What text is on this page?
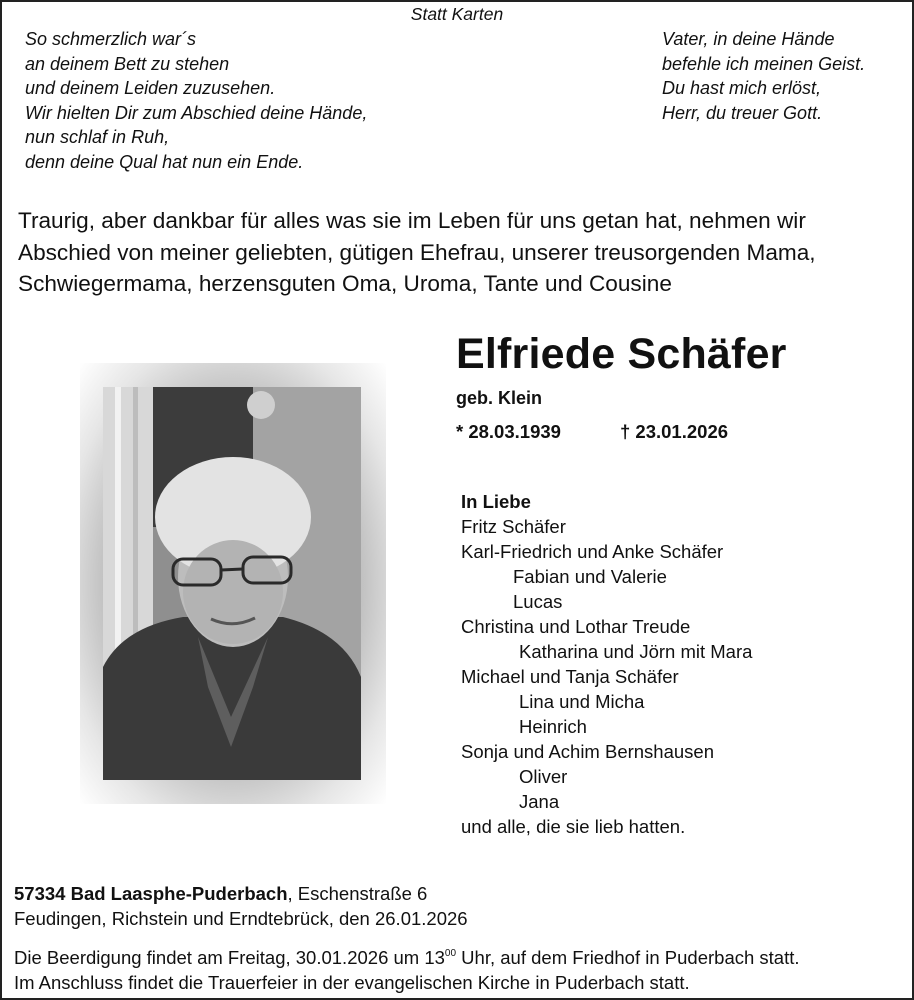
Statt Karten
So schmerzlich war´s
an deinem Bett zu stehen
und deinem Leiden zuzusehen.
Wir hielten Dir zum Abschied deine Hände,
nun schlaf in Ruh,
denn deine Qual hat nun ein Ende.
Vater, in deine Hände
befehle ich meinen Geist.
Du hast mich erlöst,
Herr, du treuer Gott.
Traurig, aber dankbar für alles was sie im Leben für uns getan hat, nehmen wir
Abschied von meiner geliebten, gütigen Ehefrau, unserer treusorgenden Mama,
Schwiegermama, herzensguten Oma, Uroma, Tante und Cousine
Elfriede Schäfer
geb. Klein
* 28.03.1939	† 23.01.2026
In Liebe
Fritz Schäfer
Karl-Friedrich und Anke Schäfer
Fabian und Valerie
Lucas
Christina und Lothar Treude
Katharina und Jörn mit Mara
Michael und Tanja Schäfer
Lina und Micha
Heinrich
Sonja und Achim Bernshausen
Oliver
Jana
und alle, die sie lieb hatten.
57334 Bad Laasphe-Puderbach, Eschenstraße 6
Feudingen, Richstein und Erndtebrück, den 26.01.2026
Die Beerdigung findet am Freitag, 30.01.2026 um $13^{00}$ Uhr, auf dem Friedhof in Puderbach statt.
Im Anschluss findet die Trauerfeier in der evangelischen Kirche in Puderbach statt.
